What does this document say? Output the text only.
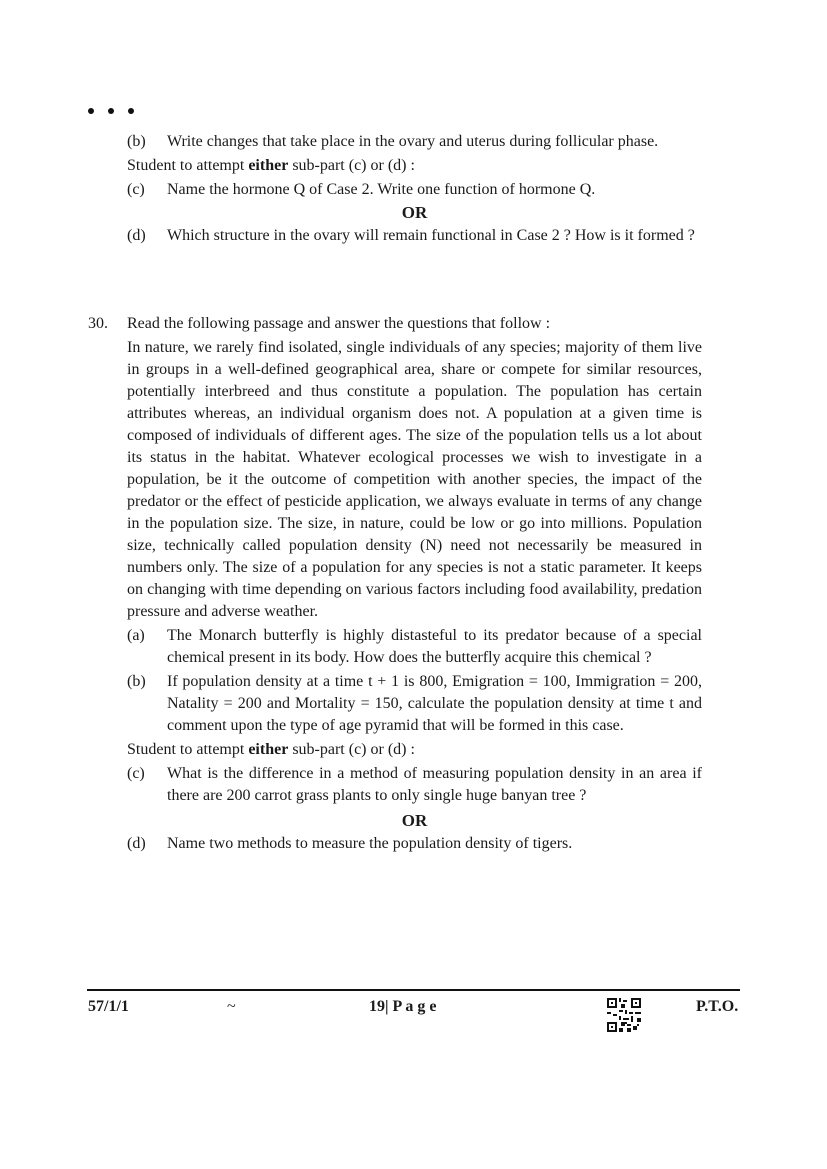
(b)	Write changes that take place in the ovary and uterus during follicular phase.
Student to attempt either sub-part (c) or (d) :
(c)	Name the hormone Q of Case 2. Write one function of hormone Q.
OR
(d)	Which structure in the ovary will remain functional in Case 2 ? How is it formed ?
30.	Read the following passage and answer the questions that follow :
In nature, we rarely find isolated, single individuals of any species; majority of them live in groups in a well-defined geographical area, share or compete for similar resources, potentially interbreed and thus constitute a population. The population has certain attributes whereas, an individual organism does not. A population at a given time is composed of individuals of different ages. The size of the population tells us a lot about its status in the habitat. Whatever ecological processes we wish to investigate in a population, be it the outcome of competition with another species, the impact of the predator or the effect of pesticide application, we always evaluate in terms of any change in the population size. The size, in nature, could be low or go into millions. Population size, technically called population density (N) need not necessarily be measured in numbers only. The size of a population for any species is not a static parameter. It keeps on changing with time depending on various factors including food availability, predation pressure and adverse weather.
(a)	The Monarch butterfly is highly distasteful to its predator because of a special chemical present in its body. How does the butterfly acquire this chemical ?
(b)	If population density at a time t + 1 is 800, Emigration = 100, Immigration = 200, Natality = 200 and Mortality = 150, calculate the population density at time t and comment upon the type of age pyramid that will be formed in this case.
Student to attempt either sub-part (c) or (d) :
(c)	What is the difference in a method of measuring population density in an area if there are 200 carrot grass plants to only single huge banyan tree ?
OR
(d)	Name two methods to measure the population density of tigers.
57/1/1	~	19| P a g e	P.T.O.
